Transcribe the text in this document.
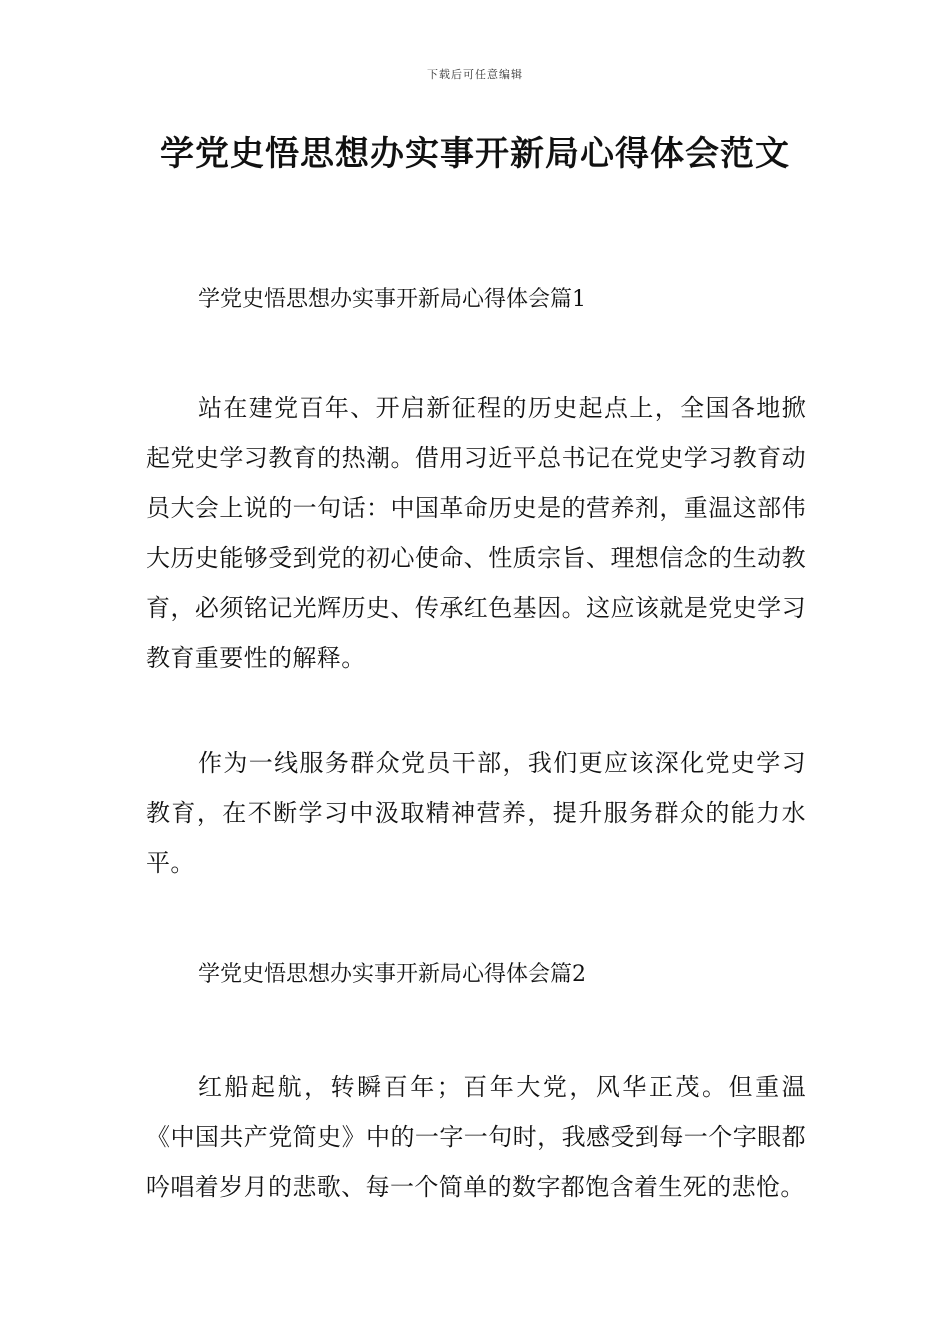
下载后可任意编辑
学党史悟思想办实事开新局心得体会范文

学党史悟思想办实事开新局心得体会篇1

站在建党百年、开启新征程的历史起点上，全国各地掀起党史学习教育的热潮。借用习近平总书记在党史学习教育动员大会上说的一句话：中国革命历史是的营养剂，重温这部伟大历史能够受到党的初心使命、性质宗旨、理想信念的生动教育，必须铭记光辉历史、传承红色基因。这应该就是党史学习教育重要性的解释。

作为一线服务群众党员干部，我们更应该深化党史学习教育，在不断学习中汲取精神营养，提升服务群众的能力水平。

学党史悟思想办实事开新局心得体会篇2

红船起航，转瞬百年；百年大党，风华正茂。但重温《中国共产党简史》中的一字一句时，我感受到每一个字眼都吟唱着岁月的悲歌、每一个简单的数字都饱含着生死的悲怆。
